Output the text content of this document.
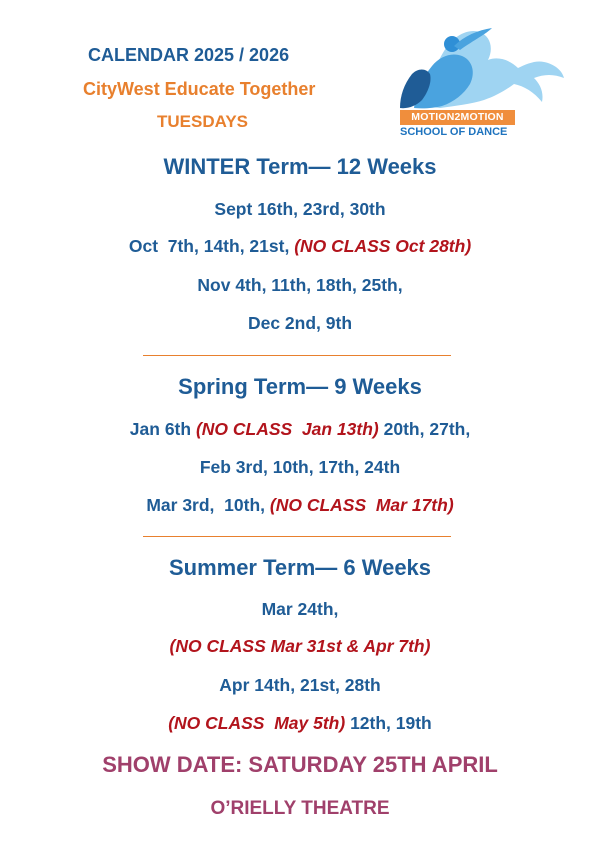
CALENDAR 2025 / 2026
CityWest Educate Together
TUESDAYS	MOTION2MOTION
SCHOOL OF DANCE
WINTER Term— 12 Weeks
Sept 16th, 23rd, 30th
Oct  7th, 14th, 21st, (NO CLASS Oct 28th)
Nov 4th, 11th, 18th, 25th,
Dec 2nd, 9th
Spring Term— 9 Weeks
Jan 6th (NO CLASS  Jan 13th) 20th, 27th,
Feb 3rd, 10th, 17th, 24th
Mar 3rd,  10th, (NO CLASS  Mar 17th)
Summer Term— 6 Weeks
Mar 24th,
(NO CLASS Mar 31st & Apr 7th)
Apr 14th, 21st, 28th
(NO CLASS  May 5th) 12th, 19th
SHOW DATE: SATURDAY 25TH APRIL
O’RIELLY THEATRE
